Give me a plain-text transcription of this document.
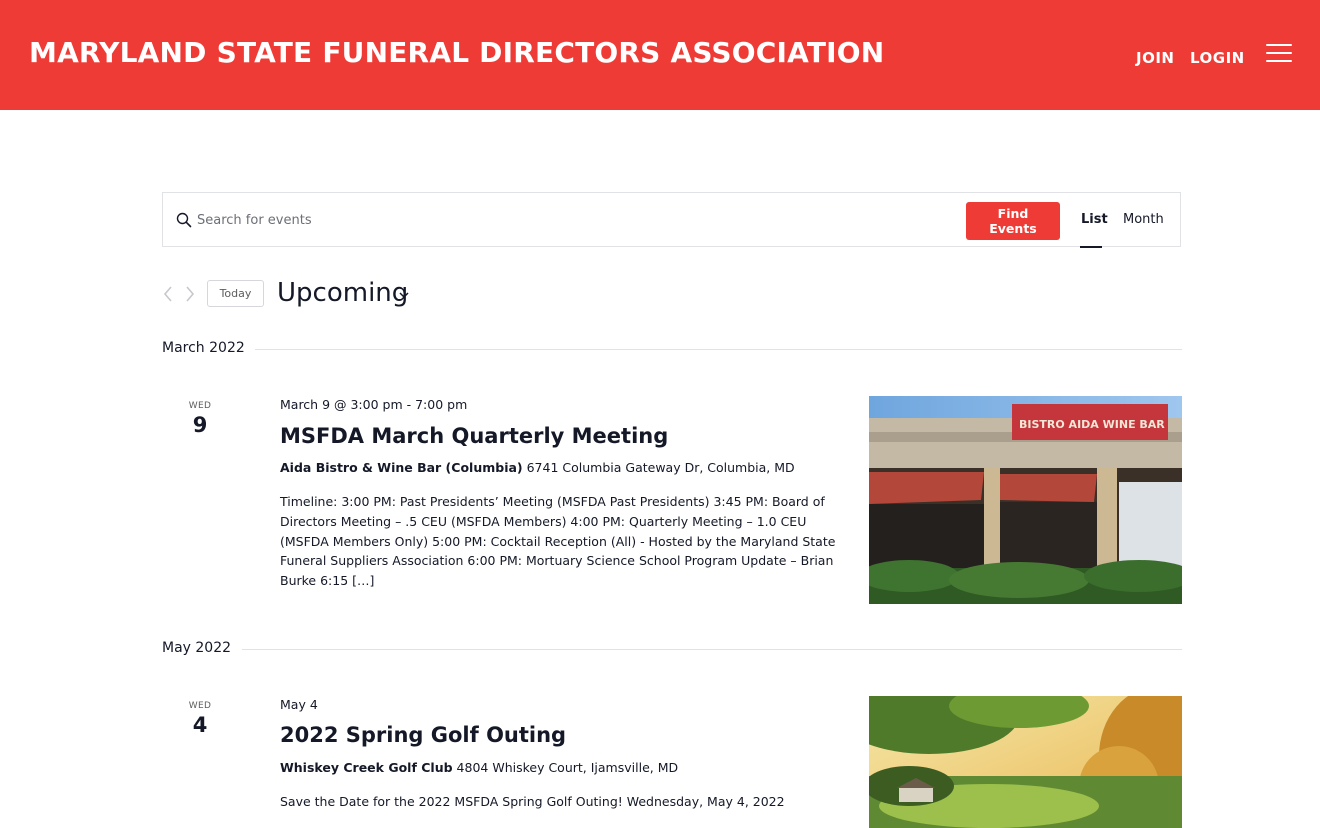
MARYLAND STATE FUNERAL DIRECTORS ASSOCIATION	JOIN LOGIN
Search for events
Find Events
List Month
Today Upcoming
March 2022
WED
9
March 9 @ 3:00 pm - 7:00 pm
MSFDA March Quarterly Meeting
Aida Bistro & Wine Bar (Columbia) 6741 Columbia Gateway Dr, Columbia, MD
Timeline: 3:00 PM: Past Presidents’ Meeting (MSFDA Past Presidents) 3:45 PM: Board of Directors Meeting – .5 CEU (MSFDA Members) 4:00 PM: Quarterly Meeting – 1.0 CEU (MSFDA Members Only) 5:00 PM: Cocktail Reception (All) - Hosted by the Maryland State Funeral Suppliers Association 6:00 PM: Mortuary Science School Program Update – Brian Burke 6:15 […]
BISTRO AIDA WINE BAR
May 2022
WED
4
May 4
2022 Spring Golf Outing
Whiskey Creek Golf Club 4804 Whiskey Court, Ijamsville, MD
Save the Date for the 2022 MSFDA Spring Golf Outing! Wednesday, May 4, 2022
